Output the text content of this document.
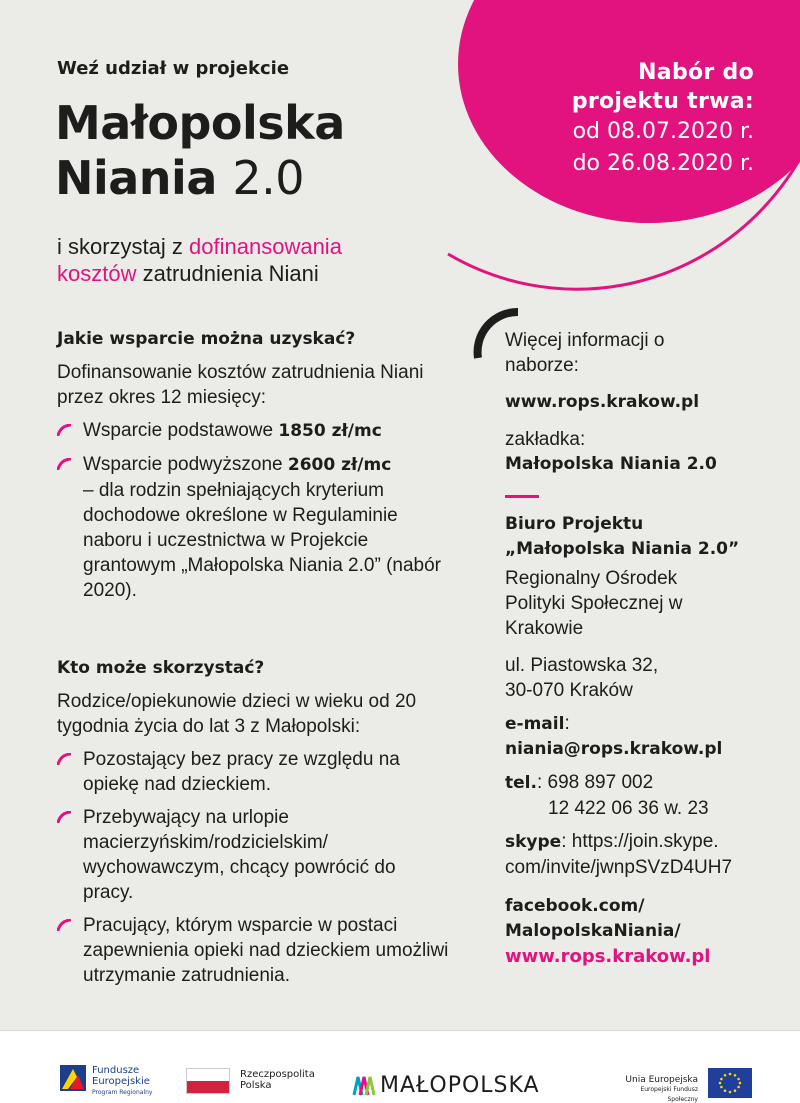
Nabór do
projektu trwa:
od 08.07.2020 r.
do 26.08.2020 r.
Weź udział w projekcie
Małopolska
Niania 2.0
i skorzystaj z dofinansowania
kosztów zatrudnienia Niani
Jakie wsparcie można uzyskać?

Dofinansowanie kosztów zatrudnienia Niani przez okres 12 miesięcy:

Wsparcie podstawowe 1850 zł/mc
Wsparcie podwyższone 2600 zł/mc
– dla rodzin spełniających kryterium dochodowe określone w Regulaminie naboru i uczestnictwa w Projekcie grantowym „Małopolska Niania 2.0” (nabór 2020).
Kto może skorzystać?

Rodzice/opiekunowie dzieci w wieku od 20 tygodnia życia do lat 3 z Małopolski:

Pozostający bez pracy ze względu na opiekę nad dzieckiem.
Przebywający na urlopie macierzyńskim/rodzicielskim/ wychowawczym, chcący powrócić do pracy.
Pracujący, którym wsparcie w postaci zapewnienia opieki nad dzieckiem umożliwi utrzymanie zatrudnienia.
Więcej informacji o naborze:
www.rops.krakow.pl
zakładka:
Małopolska Niania 2.0
Biuro Projektu
„Małopolska Niania 2.0”
Regionalny Ośrodek Polityki Społecznej w Krakowie
ul. Piastowska 32,
30-070 Kraków
e-mail:
niania@rops.krakow.pl
tel.: 698 897 002
12 422 06 36 w. 23
skype: https://join.skype. com/invite/jwnpSVzD4UH7
facebook.com/ MalopolskaNiania/
www.rops.krakow.pl
Fundusze
Europejskie
Program Regionalny
Rzeczpospolita
Polska	MAŁOPOLSKA	Unia Europejska
Europejski Fundusz Społeczny
